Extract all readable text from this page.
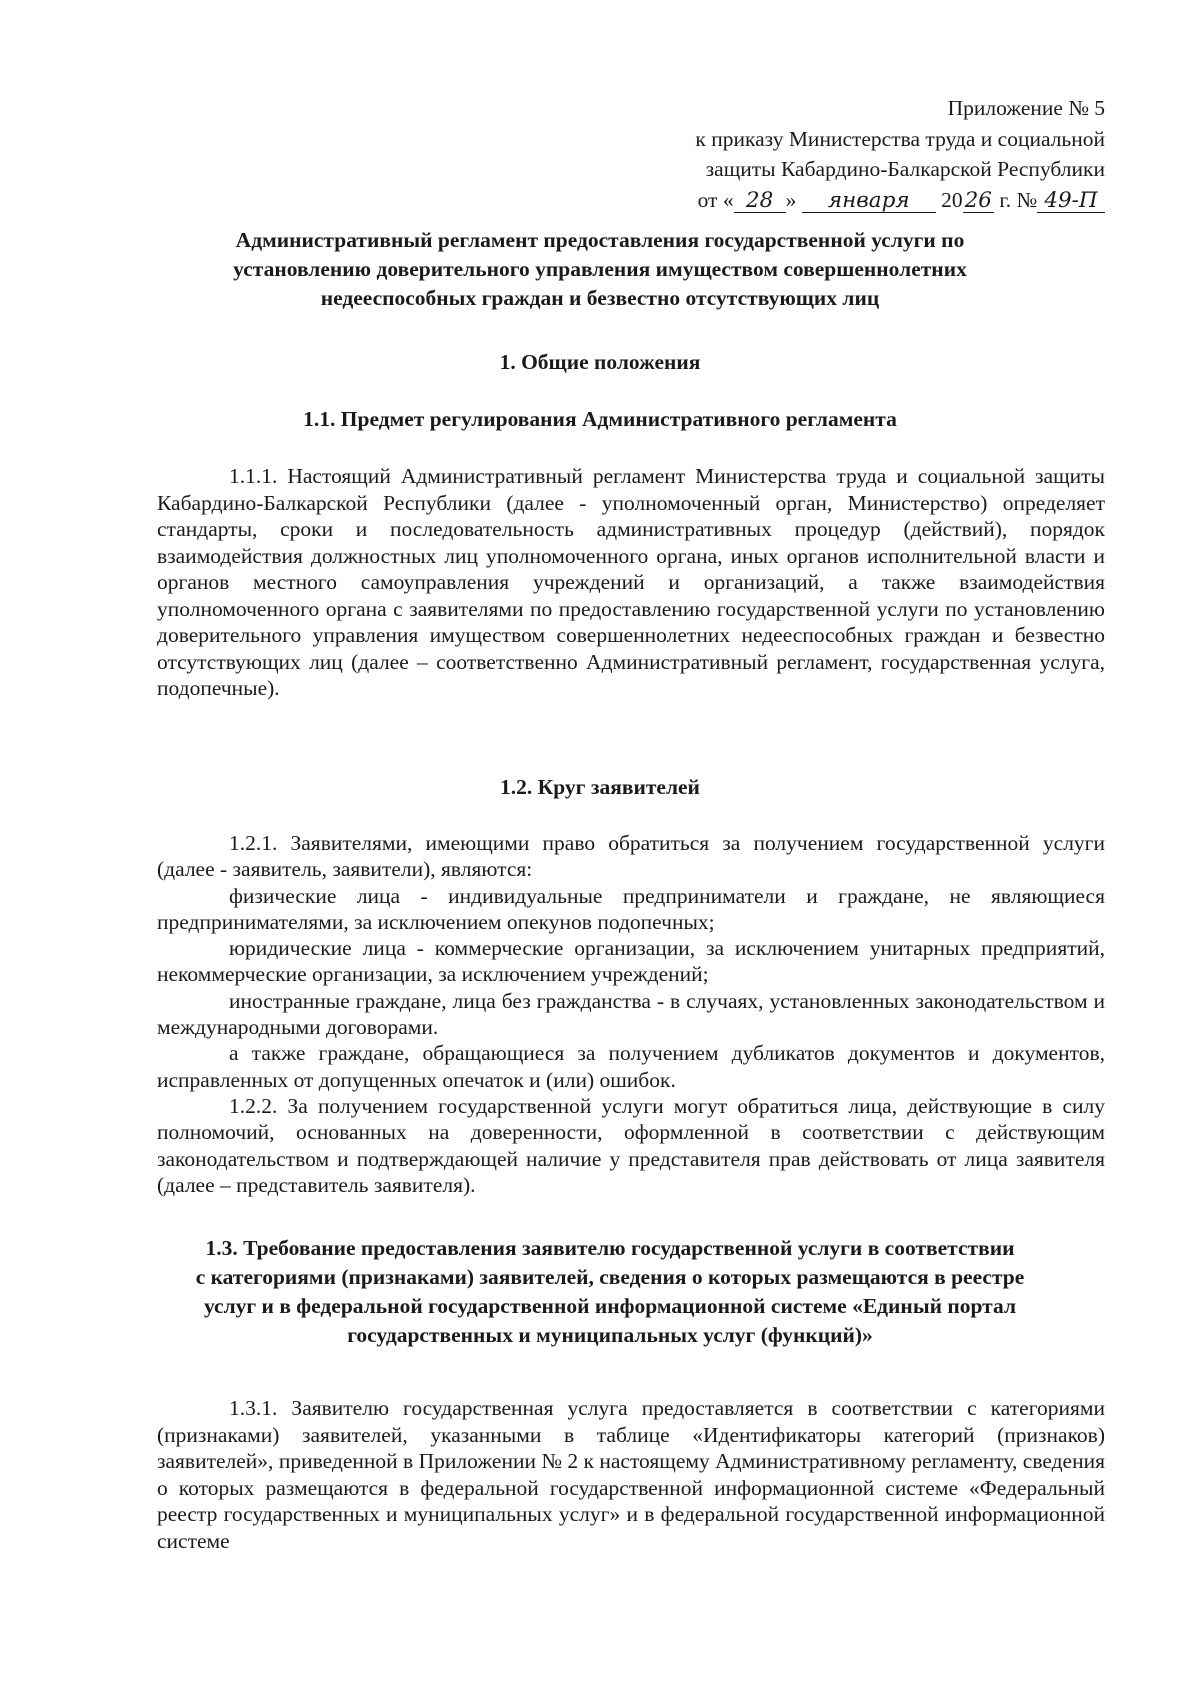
Приложение № 5
к приказу Министерства труда и социальной
защиты Кабардино-Балкарской Республики
от « 28 » января 2026 г. № 49-П
Административный регламент предоставления государственной услуги по
установлению доверительного управления имуществом совершеннолетних
недееспособных граждан и безвестно отсутствующих лиц
1. Общие положения
1.1. Предмет регулирования Административного регламента
1.1.1. Настоящий Административный регламент Министерства труда и социальной защиты Кабардино-Балкарской Республики (далее - уполномоченный орган, Министерство) определяет стандарты, сроки и последовательность административных процедур (действий), порядок взаимодействия должностных лиц уполномоченного органа, иных органов исполнительной власти и органов местного самоуправления учреждений и организаций, а также взаимодействия уполномоченного органа с заявителями по предоставлению государственной услуги по установлению доверительного управления имуществом совершеннолетних недееспособных граждан и безвестно отсутствующих лиц (далее – соответственно Административный регламент, государственная услуга, подопечные).
1.2. Круг заявителей

1.2.1. Заявителями, имеющими право обратиться за получением государственной услуги (далее - заявитель, заявители), являются:

физические лица - индивидуальные предприниматели и граждане, не являющиеся предпринимателями, за исключением опекунов подопечных;

юридические лица - коммерческие организации, за исключением унитарных предприятий, некоммерческие организации, за исключением учреждений;

иностранные граждане, лица без гражданства - в случаях, установленных законодательством и международными договорами.

а также граждане, обращающиеся за получением дубликатов документов и документов, исправленных от допущенных опечаток и (или) ошибок.

1.2.2. За получением государственной услуги могут обратиться лица, действующие в силу полномочий, основанных на доверенности, оформленной в соответствии с действующим законодательством и подтверждающей наличие у представителя прав действовать от лица заявителя (далее – представитель заявителя).

1.3. Требование предоставления заявителю государственной услуги в соответствии
с категориями (признаками) заявителей, сведения о которых размещаются в реестре
услуг и в федеральной государственной информационной системе «Единый портал
государственных и муниципальных услуг (функций)»
1.3.1. Заявителю государственная услуга предоставляется в соответствии с категориями (признаками) заявителей, указанными в таблице «Идентификаторы категорий (признаков) заявителей», приведенной в Приложении № 2 к настоящему Административному регламенту, сведения о которых размещаются в федеральной государственной информационной системе «Федеральный реестр государственных и муниципальных услуг» и в федеральной государственной информационной системе
